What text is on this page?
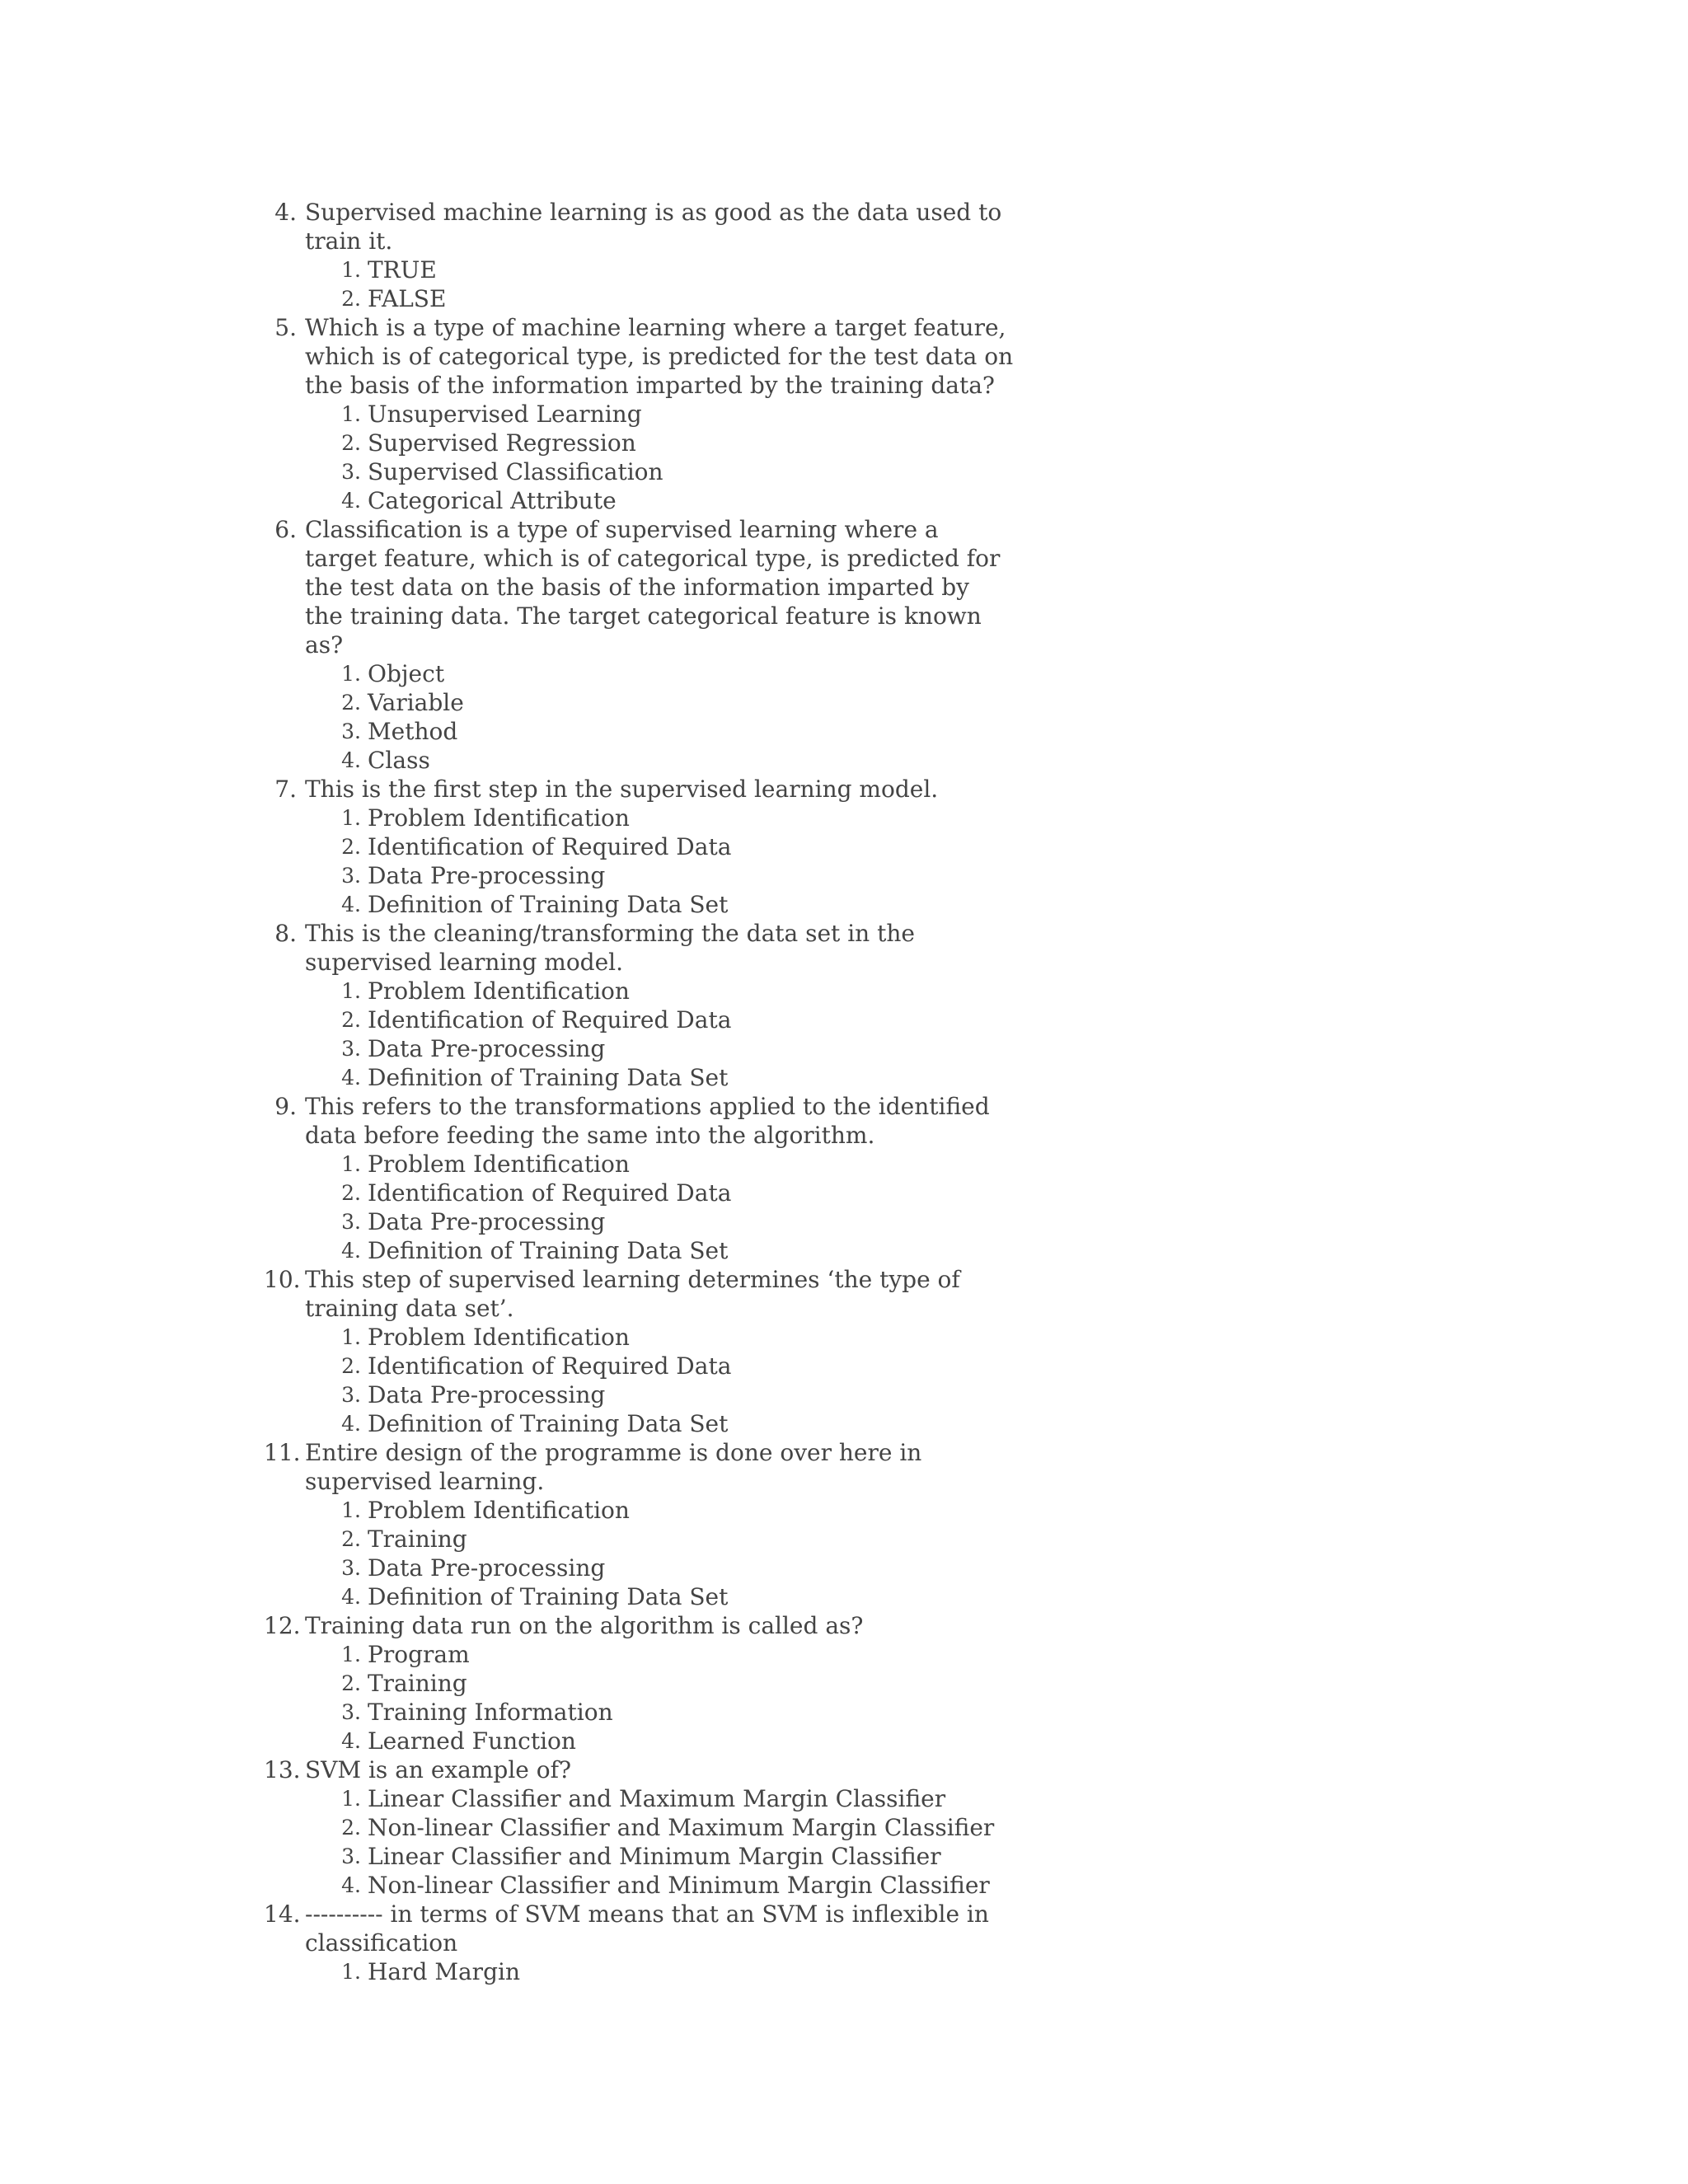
4 . Supervised machine learning is as good as the data used to train it.
1 . TRUE
2 . FALSE
5 . Which is a type of machine learning where a target feature, which is of categorical type, is predicted for the test data on the basis of the information imparted by the training data?
1 . Unsupervised Learning
2 . Supervised Regression
3 . Supervised Classification
4 . Categorical Attribute
6 . Classification is a type of supervised learning where a target feature, which is of categorical type, is predicted for the test data on the basis of the information imparted by the training data. The target categorical feature is known as?
1 . Object
2 . Variable
3 . Method
4 . Class
7 . This is the first step in the supervised learning model.
1 . Problem Identification
2 . Identification of Required Data
3 . Data Pre-processing
4 . Definition of Training Data Set
8 . This is the cleaning/transforming the data set in the supervised learning model.
1 . Problem Identification
2 . Identification of Required Data
3 . Data Pre-processing
4 . Definition of Training Data Set
9 . This refers to the transformations applied to the identified data before feeding the same into the algorithm.
1 . Problem Identification
2 . Identification of Required Data
3 . Data Pre-processing
4 . Definition of Training Data Set
10 . This step of supervised learning determines ‘the type of training data set’.
1 . Problem Identification
2 . Identification of Required Data
3 . Data Pre-processing
4 . Definition of Training Data Set
11 . Entire design of the programme is done over here in supervised learning.
1 . Problem Identification
2 . Training
3 . Data Pre-processing
4 . Definition of Training Data Set
12 . Training data run on the algorithm is called as?
1 . Program
2 . Training
3 . Training Information
4 . Learned Function
13 . SVM is an example of?
1 . Linear Classifier and Maximum Margin Classifier
2 . Non-linear Classifier and Maximum Margin Classifier
3 . Linear Classifier and Minimum Margin Classifier
4 . Non-linear Classifier and Minimum Margin Classifier
14 . ---------- in terms of SVM means that an SVM is inflexible in classification
1 . Hard Margin
